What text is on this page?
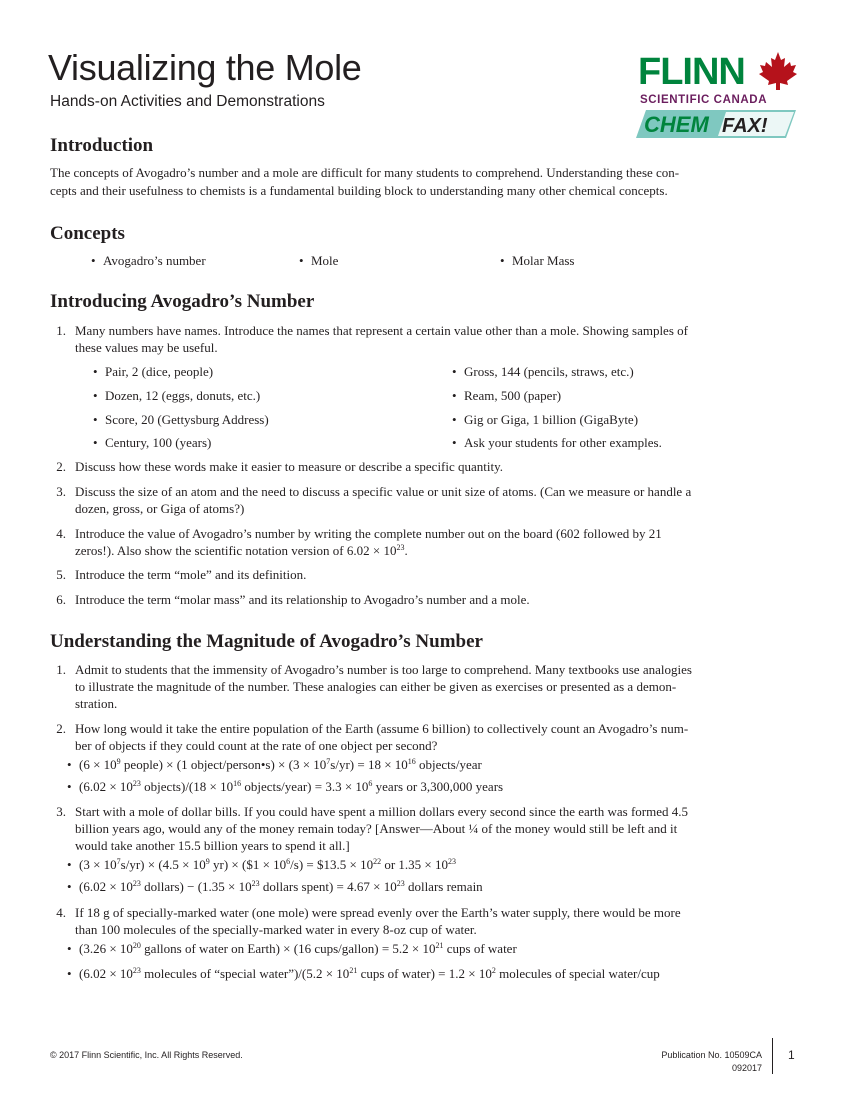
Visualizing the Mole
Hands-on Activities and Demonstrations
FLINN
SCIENTIFIC CANADA
CHEM FAX!
Introduction

The concepts of Avogadro’s number and a mole are difficult for many students to comprehend. Understanding these con-

cepts and their usefulness to chemists is a fundamental building block to understanding many other chemical concepts.

Concepts

• Avogadro’s number	• Mole	• Molar Mass

Introducing Avogadro’s Number
1. Many numbers have names. Introduce the names that represent a certain value other than a mole. Showing samples of

these values may be useful.

• Pair, 2 (dice, people)

• Dozen, 12 (eggs, donuts, etc.)

• Score, 20 (Gettysburg Address)

• Century, 100 (years)

• Gross, 144 (pencils, straws, etc.)

• Ream, 500 (paper)

• Gig or Giga, 1 billion (GigaByte)

• Ask your students for other examples.

2. Discuss how these words make it easier to measure or describe a specific quantity.

3. Discuss the size of an atom and the need to discuss a specific value or unit size of atoms. (Can we measure or handle a

dozen, gross, or Giga of atoms?)

4. Introduce the value of Avogadro’s number by writing the complete number out on the board (602 followed by 21

zeros!). Also show the scientific notation version of $6.02 \times 10^{23}$.

5. Introduce the term “mole” and its definition.

6. Introduce the term “molar mass” and its relationship to Avogadro’s number and a mole.

Understanding the Magnitude of Avogadro’s Number
1. Admit to students that the immensity of Avogadro’s number is too large to comprehend. Many textbooks use analogies

to illustrate the magnitude of the number. These analogies can either be given as exercises or presented as a demon-

stration.

2. How long would it take the entire population of the Earth (assume 6 billion) to collectively count an Avogadro’s num-

ber of objects if they could count at the rate of one object per second?

• ($6 \times 10^9$ people) × (1 object/person•s) × $(3 \times 10^7s/yr) = 18 \times 10^{16}$ objects/year

• ($6.02 \times 10^{23}$ objects)/(18 × $10^{16}$ objects/year) = $3.3 \times 10^6$ years or 3,300,000 years

3. Start with a mole of dollar bills. If you could have spent a million dollars every second since the earth was formed 4.5

billion years ago, would any of the money remain today? [Answer—About ¼ of the money would still be left and it

would take another 15.5 billion years to spend it all.]

• $(3 \times 10^7s/yr) \times (4.5 \times 10^9$ yr) × ($1 × $10^6/s$) = $13.5 × $10^{22}$ or $1.35 \times 10^{23}$

• ($6.02 \times 10^{23}$ dollars) − ($1.35 \times 10^{23}$ dollars spent) = $4.67 \times 10^{23}$ dollars remain

4. If 18 g of specially-marked water (one mole) were spread evenly over the Earth’s water supply, there would be more

than 100 molecules of the specially-marked water in every 8-oz cup of water.

• ($3.26 \times 10^{20}$ gallons of water on Earth) × (16 cups/gallon) = $5.2 \times 10^{21}$ cups of water

• ($6.02 \times 10^{23}$ molecules of “special water”)/(5.2 × $10^{21}$ cups of water) = $1.2 \times 10^2$ molecules of special water/cup

© 2017 Flinn Scientific, Inc. All Rights Reserved.	Publication No. 10509CA

092017

1
